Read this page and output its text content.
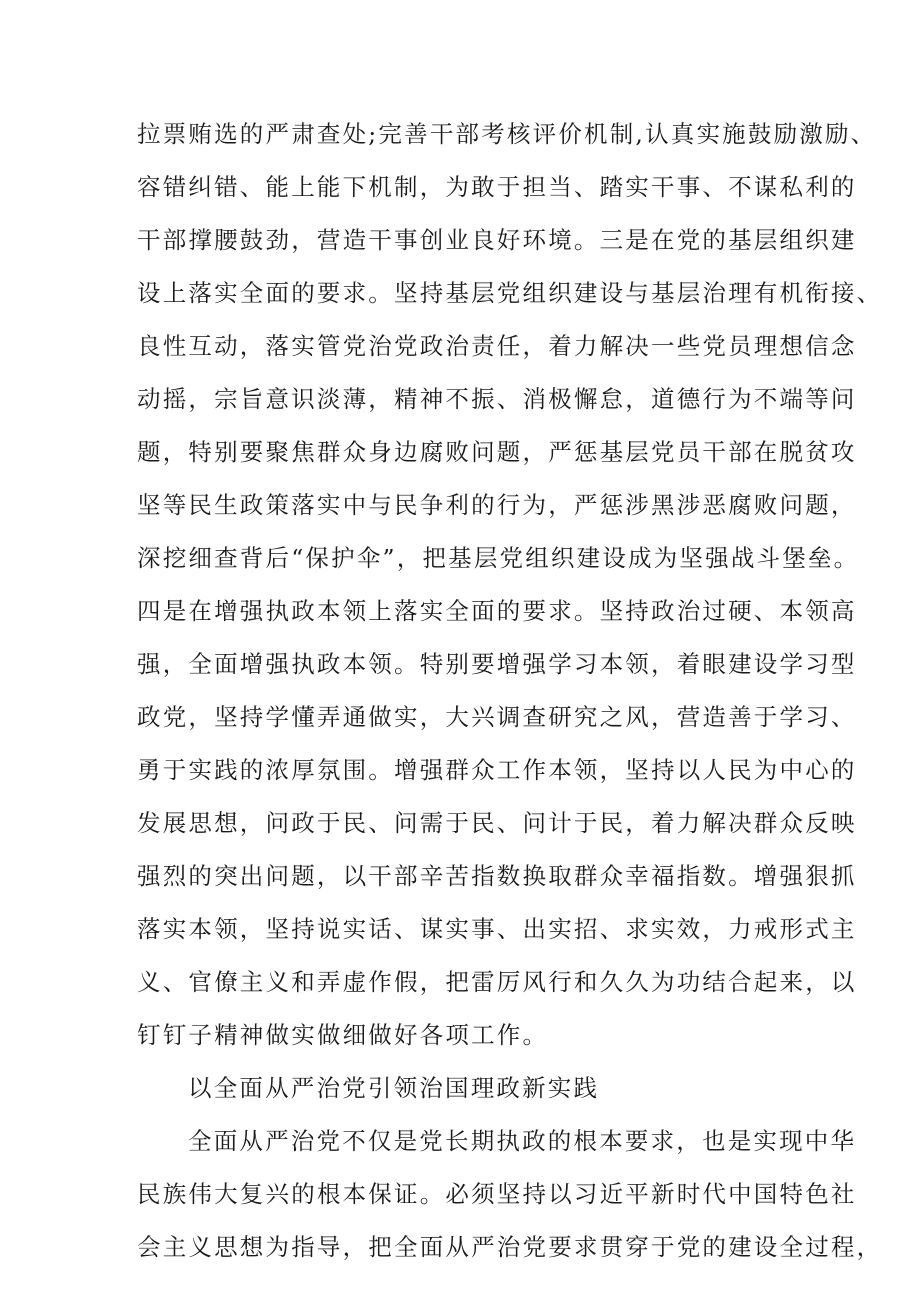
拉票贿选的严肃查处;完善干部考核评价机制,认真实施鼓励激励、
容错纠错、能上能下机制，为敢于担当、踏实干事、不谋私利的
干部撑腰鼓劲，营造干事创业良好环境。三是在党的基层组织建
设上落实全面的要求。坚持基层党组织建设与基层治理有机衔接、
良性互动，落实管党治党政治责任，着力解决一些党员理想信念
动摇，宗旨意识淡薄，精神不振、消极懈怠，道德行为不端等问
题，特别要聚焦群众身边腐败问题，严惩基层党员干部在脱贫攻
坚等民生政策落实中与民争利的行为，严惩涉黑涉恶腐败问题，
深挖细查背后“保护伞”，把基层党组织建设成为坚强战斗堡垒。
四是在增强执政本领上落实全面的要求。坚持政治过硬、本领高
强，全面增强执政本领。特别要增强学习本领，着眼建设学习型
政党，坚持学懂弄通做实，大兴调查研究之风，营造善于学习、
勇于实践的浓厚氛围。增强群众工作本领，坚持以人民为中心的
发展思想，问政于民、问需于民、问计于民，着力解决群众反映
强烈的突出问题，以干部辛苦指数换取群众幸福指数。增强狠抓
落实本领，坚持说实话、谋实事、出实招、求实效，力戒形式主
义、官僚主义和弄虚作假，把雷厉风行和久久为功结合起来，以
钉钉子精神做实做细做好各项工作。
以全面从严治党引领治国理政新实践
全面从严治党不仅是党长期执政的根本要求，也是实现中华
民族伟大复兴的根本保证。必须坚持以习近平新时代中国特色社
会主义思想为指导，把全面从严治党要求贯穿于党的建设全过程，
